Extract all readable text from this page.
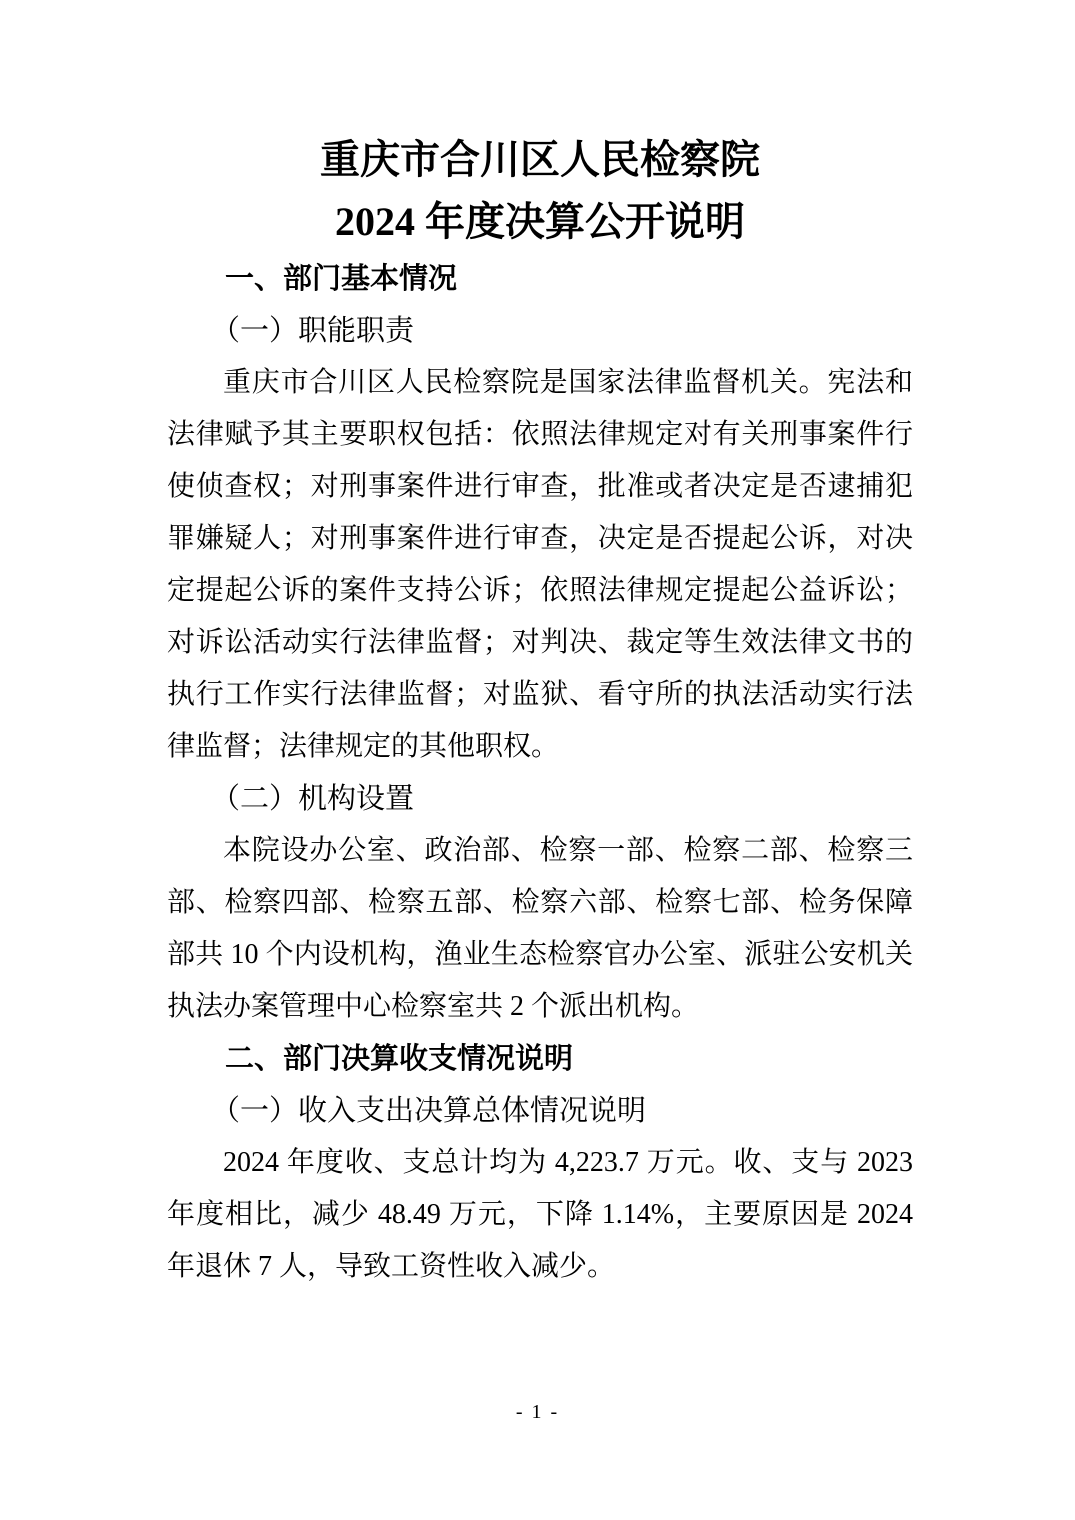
重庆市合川区人民检察院
2024 年度决算公开说明
一、部门基本情况
（一）职能职责
重庆市合川区人民检察院是国家法律监督机关。宪法和法律赋予其主要职权包括：依照法律规定对有关刑事案件行使侦查权；对刑事案件进行审查，批准或者决定是否逮捕犯罪嫌疑人；对刑事案件进行审查，决定是否提起公诉，对决定提起公诉的案件支持公诉；依照法律规定提起公益诉讼；对诉讼活动实行法律监督；对判决、裁定等生效法律文书的执行工作实行法律监督；对监狱、看守所的执法活动实行法律监督；法律规定的其他职权。
（二）机构设置
本院设办公室、政治部、检察一部、检察二部、检察三部、检察四部、检察五部、检察六部、检察七部、检务保障部共 10 个内设机构，渔业生态检察官办公室、派驻公安机关执法办案管理中心检察室共 2 个派出机构。
二、部门决算收支情况说明
（一）收入支出决算总体情况说明
2024 年度收、支总计均为 4,223.7 万元。收、支与 2023 年度相比，减少 48.49 万元，下降 1.14%，主要原因是 2024 年退休 7 人，导致工资性收入减少。
- 1 -
